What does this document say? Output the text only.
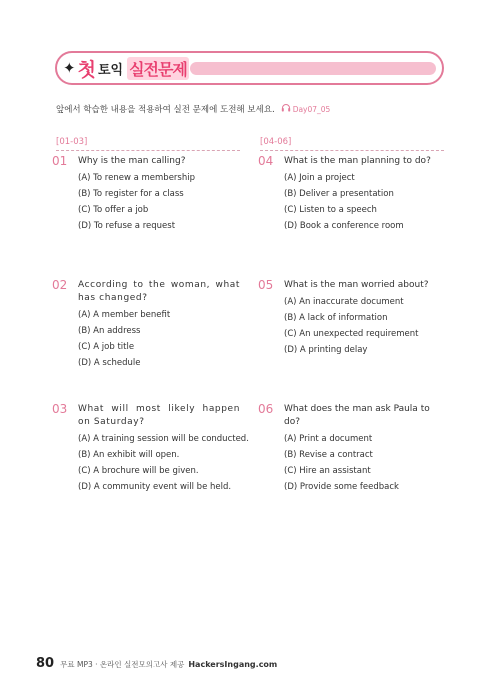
✦ 첫 토익 실전문제
앞에서 학습한 내용을 적용하여 실전 문제에 도전해 보세요. Day07_05
[01-03]	[04-06]
01	Why is the man calling?
(A) To renew a membership
(B) To register for a class
(C) To offer a job
(D) To refuse a request
02	According to the woman, what has changed?
(A) A member benefit
(B) An address
(C) A job title
(D) A schedule
03	What will most likely happen on Saturday?
(A) A training session will be conducted.
(B) An exhibit will open.
(C) A brochure will be given.
(D) A community event will be held.
04	What is the man planning to do?
(A) Join a project
(B) Deliver a presentation
(C) Listen to a speech
(D) Book a conference room
05	What is the man worried about?
(A) An inaccurate document
(B) A lack of information
(C) An unexpected requirement
(D) A printing delay
06	What does the man ask Paula to do?
(A) Print a document
(B) Revise a contract
(C) Hire an assistant
(D) Provide some feedback
80 무료 MP3 · 온라인 실전모의고사 제공 HackersIngang.com
